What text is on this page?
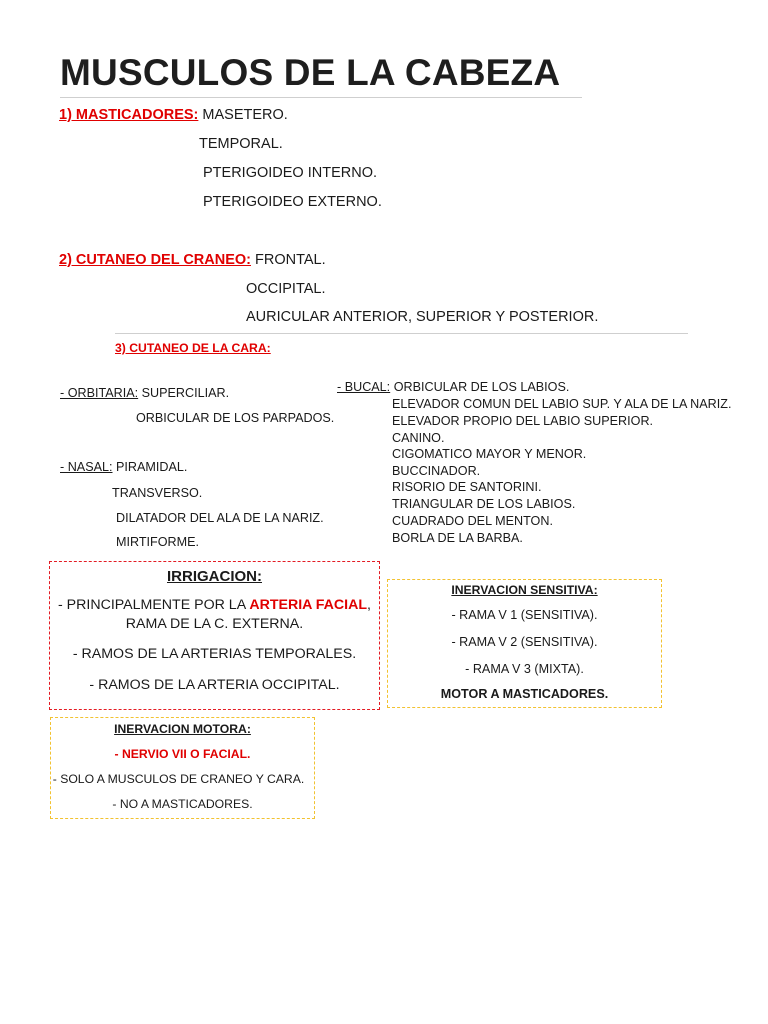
MUSCULOS DE LA CABEZA
1) MASTICADORES: MASETERO.
TEMPORAL.
PTERIGOIDEO INTERNO.
PTERIGOIDEO EXTERNO.
2) CUTANEO DEL CRANEO: FRONTAL.
OCCIPITAL.
AURICULAR ANTERIOR, SUPERIOR Y POSTERIOR.
3) CUTANEO DE LA CARA:
- ORBITARIA: SUPERCILIAR.
ORBICULAR DE LOS PARPADOS.
- NASAL: PIRAMIDAL.
TRANSVERSO.
DILATADOR DEL ALA DE LA NARIZ.
MIRTIFORME.
- BUCAL: ORBICULAR DE LOS LABIOS.
ELEVADOR COMUN DEL LABIO SUP. Y ALA DE LA NARIZ.
ELEVADOR PROPIO DEL LABIO SUPERIOR.
CANINO.
CIGOMATICO MAYOR Y MENOR.
BUCCINADOR.
RISORIO DE SANTORINI.
TRIANGULAR DE LOS LABIOS.
CUADRADO DEL MENTON.
BORLA DE LA BARBA.
IRRIGACION:
- PRINCIPALMENTE POR LA ARTERIA FACIAL,
RAMA DE LA C. EXTERNA.
- RAMOS DE LA ARTERIAS TEMPORALES.
- RAMOS DE LA ARTERIA OCCIPITAL.
INERVACION SENSITIVA:
- RAMA V 1 (SENSITIVA).
- RAMA V 2 (SENSITIVA).
- RAMA V 3 (MIXTA).
MOTOR A MASTICADORES.
INERVACION MOTORA:
- NERVIO VII O FACIAL.
- SOLO A MUSCULOS DE CRANEO Y CARA.
- NO A MASTICADORES.
